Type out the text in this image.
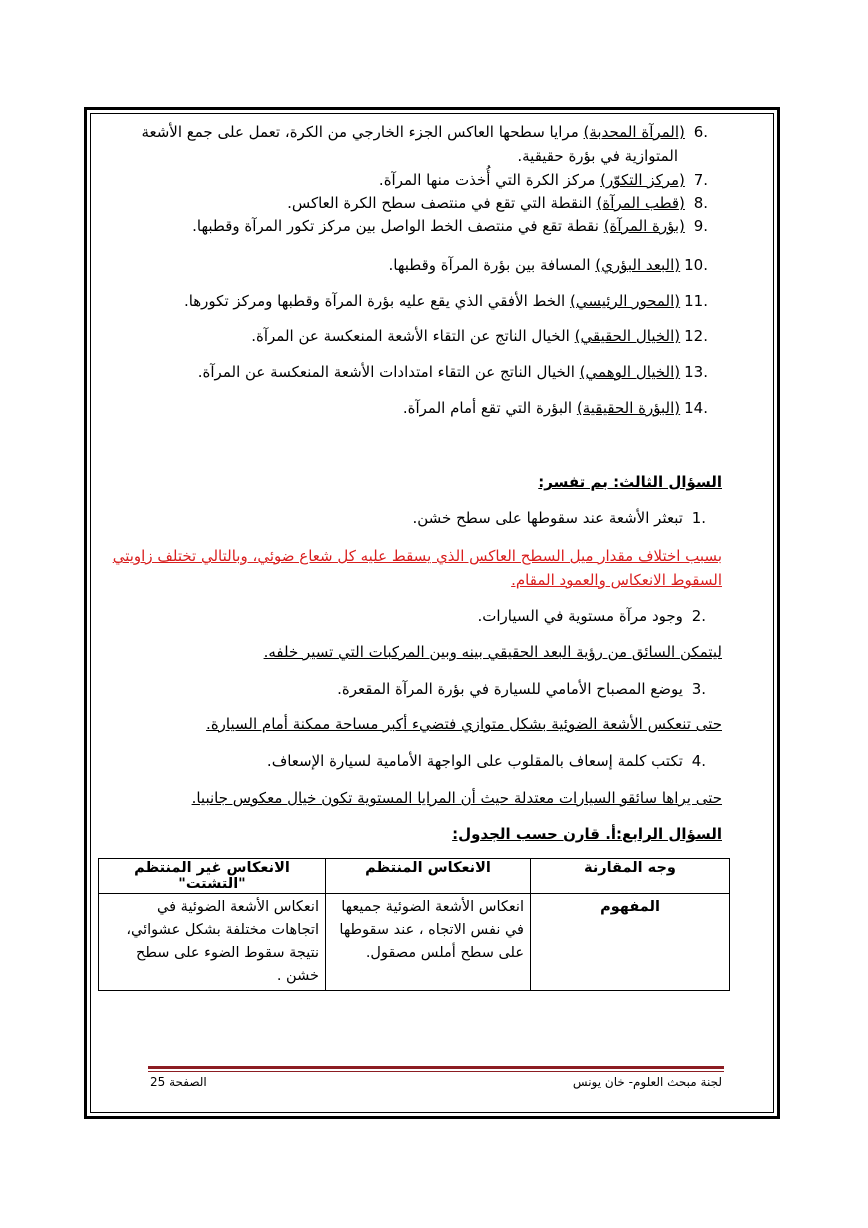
6. (المرآة المحدبة) مرايا سطحها العاكس الجزء الخارجي من الكرة، تعمل على جمع الأشعة
المتوازية في بؤرة حقيقية.
7. (مركز التكوّر) مركز الكرة التي أُخذت منها المرآة.
8. (قطب المرآة) النقطة التي تقع في منتصف سطح الكرة العاكس.
9. (بؤرة المرآة) نقطة تقع في منتصف الخط الواصل بين مركز تكور المرآة وقطبها.
10.(البعد البؤري) المسافة بين بؤرة المرآة وقطبها.
11.(المحور الرئيسي) الخط الأفقي الذي يقع عليه بؤرة المرآة وقطبها ومركز تكورها.
12.(الخيال الحقيقي) الخيال الناتج عن التقاء الأشعة المنعكسة عن المرآة.
13.(الخيال الوهمي) الخيال الناتج عن التقاء امتدادات الأشعة المنعكسة عن المرآة.
14.(البؤرة الحقيقية) البؤرة التي تقع أمام المرآة.
السؤال الثالث: بم تفسر:
1. تبعثر الأشعة عند سقوطها على سطح خشن.
بسبب اختلاف مقدار ميل السطح العاكس الذي يسقط عليه كل شعاع ضوئي، وبالتالي تختلف زاويتي
السقوط الانعكاس والعمود المقام.
2. وجود مرآة مستوية في السيارات.
ليتمكن السائق من رؤية البعد الحقيقي بينه وبين المركبات التي تسير خلفه.
3. يوضع المصباح الأمامي للسيارة في بؤرة المرآة المقعرة.
حتى تنعكس الأشعة الضوئية بشكل متوازي فتضيء أكبر مساحة ممكنة أمام السيارة.
4. تكتب كلمة إسعاف بالمقلوب على الواجهة الأمامية لسيارة الإسعاف.
حتى يراها سائقو السيارات معتدلة حيث أن المرايا المستوية تكون خيال معكوس جانبيا.
السؤال الرابع:أ. قارن حسب الجدول:
وجه المقارنة	الانعكاس المنتظم	الانعكاس غير المنتظم "التشتت"
المفهوم	انعكاس الأشعة الضوئية جميعها في نفس الاتجاه ، عند سقوطها على سطح أملس مصقول.	انعكاس الأشعة الضوئية في اتجاهات مختلفة بشكل عشوائي، نتيجة سقوط الضوء على سطح خشن .
لجنة مبحث العلوم- خان يونس
الصفحة 25
